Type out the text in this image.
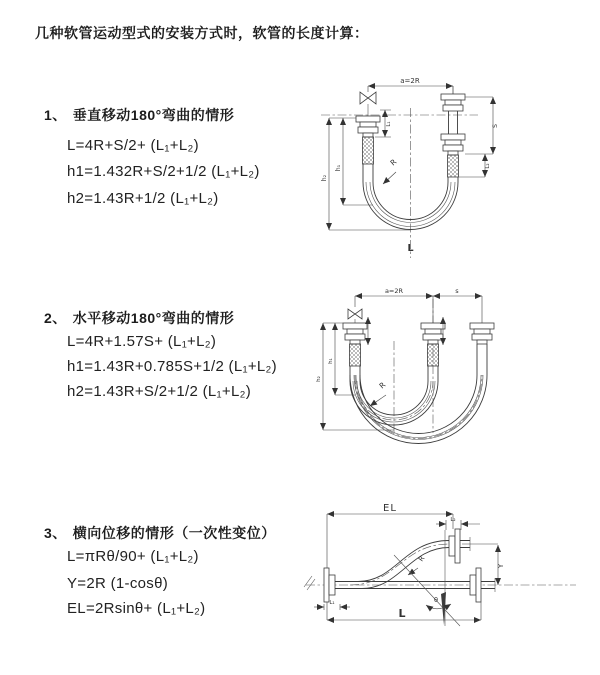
几种软管运动型式的安装方式时，软管的长度计算：
1、 垂直移动180°弯曲的情形
L=4R+S/2+ (L₁+L₂)
h1=1.432R+S/2+1/2 (L₁+L₂)
h2=1.43R+1/2 (L₁+L₂)
2、 水平移动180°弯曲的情形
L=4R+1.57S+ (L₁+L₂)
h1=1.43R+0.785S+1/2 (L₁+L₂)
h2=1.43R+S/2+1/2 (L₁+L₂)
3、 横向位移的情形（一次性变位）
L=πRθ/90+ (L₁+L₂)
Y=2R (1-cosθ)
EL=2Rsinθ+ (L₁+L₂)
a=2R
R
L
h₂
h₁
L₁	S
L₂
a=2R	s
R
h₂
h₁
EL
L₂
Y
L
L₁
R
θ
